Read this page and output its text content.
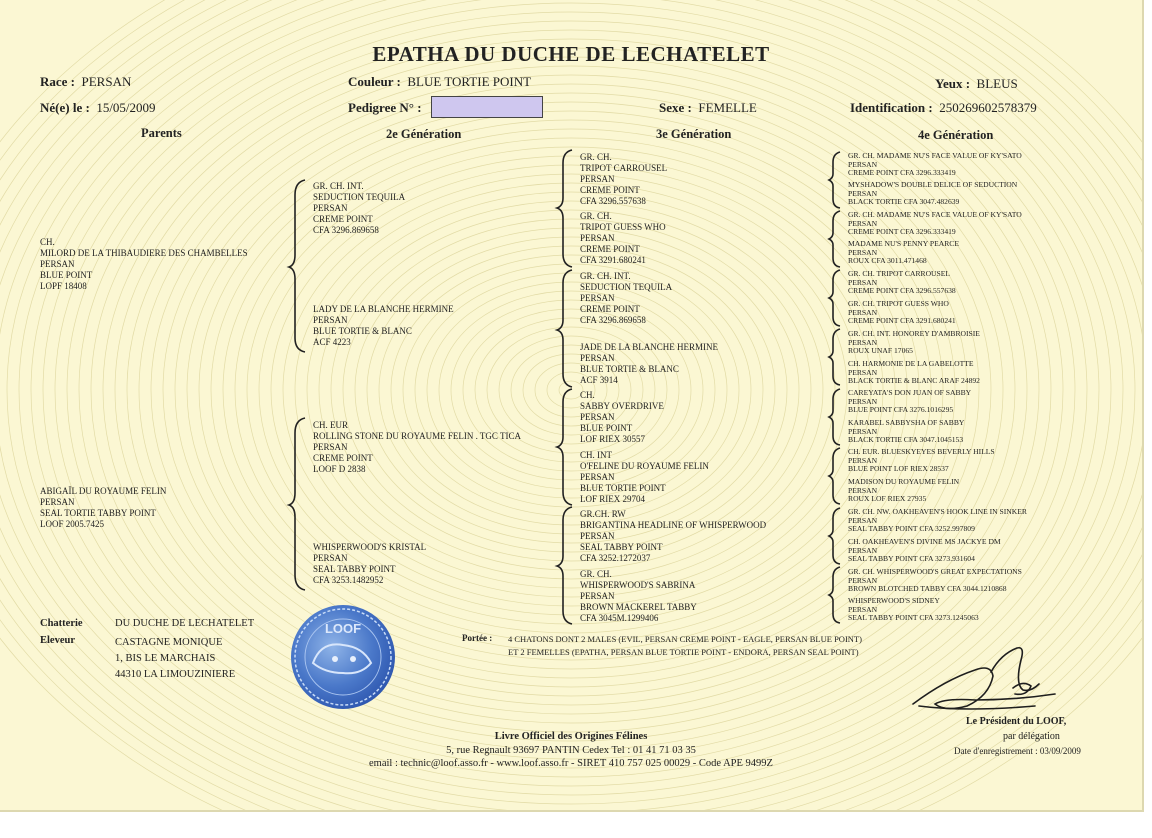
EPATHA DU DUCHE DE LECHATELET
Race : PERSAN	Couleur : BLUE TORTIE POINT	Yeux : BLEUS
Né(e) le : 15/05/2009	Pedigree N° :	Sexe : FEMELLE	Identification : 250269602578379
Parents	2e Génération	3e Génération	4e Génération
CH.
MILORD DE LA THIBAUDIERE DES CHAMBELLES
PERSAN
BLUE POINT
LOPF 18408
ABIGAÏL DU ROYAUME FELIN
PERSAN
SEAL TORTIE TABBY POINT
LOOF 2005.7425
GR. CH. INT.
SEDUCTION TEQUILA
PERSAN
CREME POINT
CFA 3296.869658
LADY DE LA BLANCHE HERMINE
PERSAN
BLUE TORTIE & BLANC
ACF 4223
CH. EUR
ROLLING STONE DU ROYAUME FELIN . TGC TICA
PERSAN
CREME POINT
LOOF D 2838
WHISPERWOOD'S KRISTAL
PERSAN
SEAL TABBY POINT
CFA 3253.1482952
GR. CH.
TRIPOT CARROUSEL
PERSAN
CREME POINT
CFA 3296.557638
GR. CH.
TRIPOT GUESS WHO
PERSAN
CREME POINT
CFA 3291.680241
GR. CH. INT.
SEDUCTION TEQUILA
PERSAN
CREME POINT
CFA 3296.869658
JADE DE LA BLANCHE HERMINE
PERSAN
BLUE TORTIE & BLANC
ACF 3914
CH.
SABBY OVERDRIVE
PERSAN
BLUE POINT
LOF RIEX 30557
CH. INT
O'FELINE DU ROYAUME FELIN
PERSAN
BLUE TORTIE POINT
LOF RIEX 29704
GR.CH. RW
BRIGANTINA HEADLINE OF WHISPERWOOD
PERSAN
SEAL TABBY POINT
CFA 3252.1272037
GR. CH.
WHISPERWOOD'S SABRINA
PERSAN
BROWN MACKEREL TABBY
CFA 3045M.1299406
GR. CH. MADAME NU'S FACE VALUE OF KY'SATO
PERSAN
CREME POINT CFA 3296.333419
MYSHADOW'S DOUBLE DELICE OF SEDUCTION
PERSAN
BLACK TORTIE CFA 3047.482639
GR. CH. MADAME NU'S FACE VALUE OF KY'SATO
PERSAN
CREME POINT CFA 3296.333419
MADAME NU'S PENNY PEARCE
PERSAN
ROUX CFA 3011.471468
GR. CH. TRIPOT CARROUSEL
PERSAN
CREME POINT CFA 3296.557638
GR. CH. TRIPOT GUESS WHO
PERSAN
CREME POINT CFA 3291.680241
GR. CH. INT. HONOREY D'AMBROISIE
PERSAN
ROUX UNAF 17065
CH. HARMONIE DE LA GABELOTTE
PERSAN
BLACK TORTIE & BLANC ARAF 24892
CAREYATA'S DON JUAN OF SABBY
PERSAN
BLUE POINT CFA 3276.1016295
KARABEL SABBYSHA OF SABBY
PERSAN
BLACK TORTIE CFA 3047.1045153
CH. EUR. BLUESKYEYES BEVERLY HILLS
PERSAN
BLUE POINT LOF RIEX 28537
MADISON DU ROYAUME FELIN
PERSAN
ROUX LOF RIEX 27935
GR. CH. NW. OAKHEAVEN'S HOOK LINE IN SINKER
PERSAN
SEAL TABBY POINT CFA 3252.997809
CH. OAKHEAVEN'S DIVINE MS JACKYE DM
PERSAN
SEAL TABBY POINT CFA 3273.931604
GR. CH. WHISPERWOOD'S GREAT EXPECTATIONS
PERSAN
BROWN BLOTCHED TABBY CFA 3044.1210868
WHISPERWOOD'S SIDNEY
PERSAN
SEAL TABBY POINT CFA 3273.1245063
Chatterie	DU DUCHE DE LECHATELET
Eleveur	CASTAGNE MONIQUE
1, BIS LE MARCHAIS
44310 LA LIMOUZINIERE
LOOF
Portée : 4 CHATONS DONT 2 MALES (EVIL, PERSAN CREME POINT - EAGLE, PERSAN BLUE POINT)
ET 2 FEMELLES (EPATHA, PERSAN BLUE TORTIE POINT - ENDORA, PERSAN SEAL POINT)
Le Président du LOOF,
par délégation
Date d'enregistrement : 03/09/2009
Livre Officiel des Origines Félines
5, rue Regnault 93697 PANTIN Cedex Tel : 01 41 71 03 35
email : technic@loof.asso.fr - www.loof.asso.fr - SIRET 410 757 025 00029 - Code APE 9499Z
